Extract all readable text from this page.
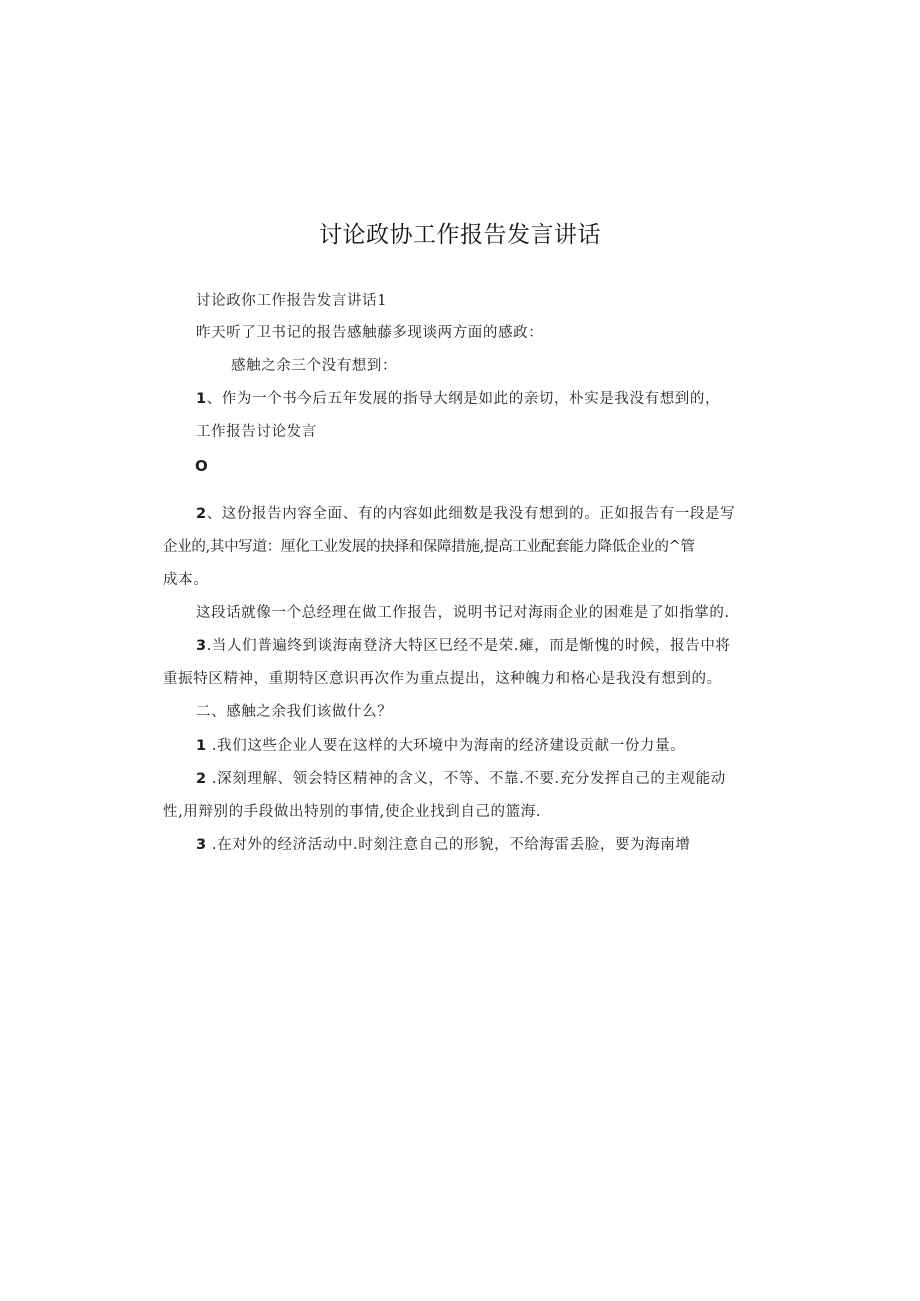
讨论政协工作报告发言讲话
讨论政你工作报告发言讲话1
昨天听了卫书记的报告感触藤多现谈两方面的感政：
感触之余三个没有想到：
1、作为一个书今后五年发展的指导大纲是如此的亲切，朴实是我没有想到的，
工作报告讨论发言
O
2、这份报告内容全面、有的内容如此细数是我没有想到的。正如报告有一段是写
企业的,其中写道：厘化工业发展的抉择和保障措施,提高工业配套能力降低企业的^管
成本。
这段话就像一个总经理在做工作报告，说明书记对海雨企业的困难是了如指掌的.
3.当人们普遍终到谈海南登济大特区巳经不是荣.瘫，而是惭愧的时候，报告中将
重振特区精神，重期特区意识再次作为重点提出，这种魄力和格心是我没有想到的。
二、感触之余我们该做什么？
1 .我们这些企业人要在这样的大环境中为海南的经济建设贡献一份力量。
2 .深刻理解、领会特区精神的含义，不等、不靠.不要.充分发挥自己的主观能动
性,用辩别的手段做出特别的事情,使企业找到自己的篮海.
3 .在对外的经济活动中.时刻注意自己的形貌，不给海雷丢脸，要为海南增
